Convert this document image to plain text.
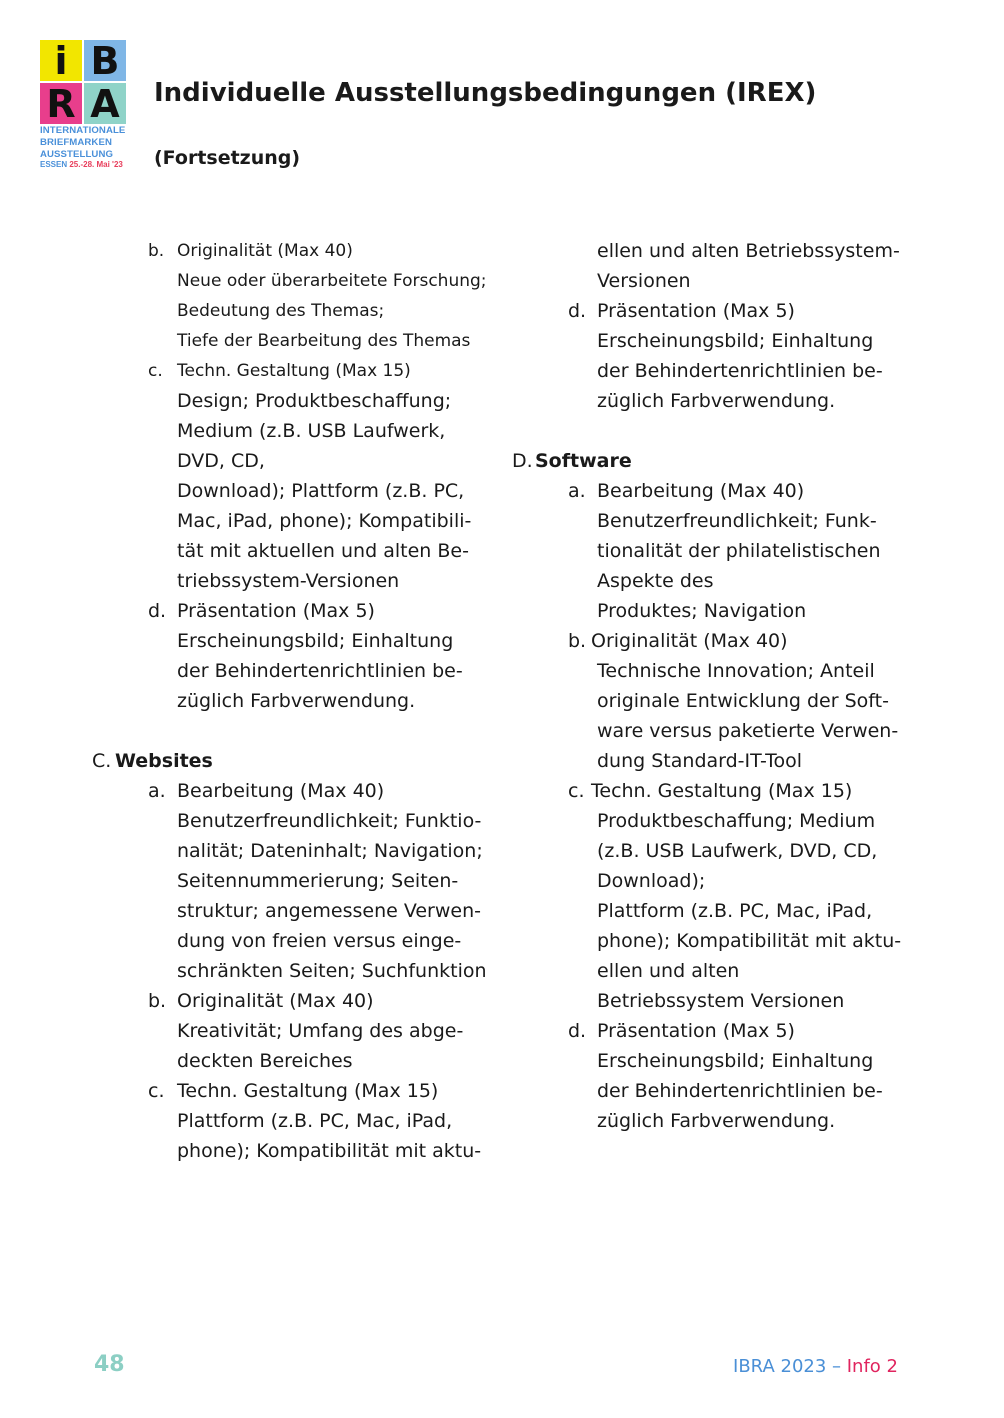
i B
R A
INTERNATIONALE
BRIEFMARKEN
AUSSTELLUNG
ESSEN 25.-28. Mai '23
Individuelle Ausstellungsbedingungen (IREX)
(Fortsetzung)
b. Originalität (Max 40)
Neue oder überarbeitete Forschung;
Bedeutung des Themas;
Tiefe der Bearbeitung des Themas
c. Techn. Gestaltung (Max 15)
Design; Produktbeschaffung;
Medium (z.B. USB Laufwerk,
DVD, CD,
Download); Plattform (z.B. PC,
Mac, iPad, phone); Kompatibili-
tät mit aktuellen und alten Be-
triebssystem-Versionen
d. Präsentation (Max 5)
Erscheinungsbild; Einhaltung
der Behindertenrichtlinien be-
züglich Farbverwendung.
C. Websites
a. Bearbeitung (Max 40)
Benutzerfreundlichkeit; Funktio-
nalität; Dateninhalt; Navigation;
Seitennummerierung; Seiten-
struktur; angemessene Verwen-
dung von freien versus einge-
schränkten Seiten; Suchfunktion
b. Originalität (Max 40)
Kreativität; Umfang des abge-
deckten Bereiches
c. Techn. Gestaltung (Max 15)
Plattform (z.B. PC, Mac, iPad,
phone); Kompatibilität mit aktu-
ellen und alten Betriebssystem-
Versionen
d. Präsentation (Max 5)
Erscheinungsbild; Einhaltung
der Behindertenrichtlinien be-
züglich Farbverwendung.
D. Software
a. Bearbeitung (Max 40)
Benutzerfreundlichkeit; Funk-
tionalität der philatelistischen
Aspekte des
Produktes; Navigation
b. Originalität (Max 40)
Technische Innovation; Anteil
originale Entwicklung der Soft-
ware versus paketierte Verwen-
dung Standard-IT-Tool
c. Techn. Gestaltung (Max 15)
Produktbeschaffung; Medium
(z.B. USB Laufwerk, DVD, CD,
Download);
Plattform (z.B. PC, Mac, iPad,
phone); Kompatibilität mit aktu-
ellen und alten
Betriebssystem Versionen
d. Präsentation (Max 5)
Erscheinungsbild; Einhaltung
der Behindertenrichtlinien be-
züglich Farbverwendung.
48	IBRA 2023 – Info 2
